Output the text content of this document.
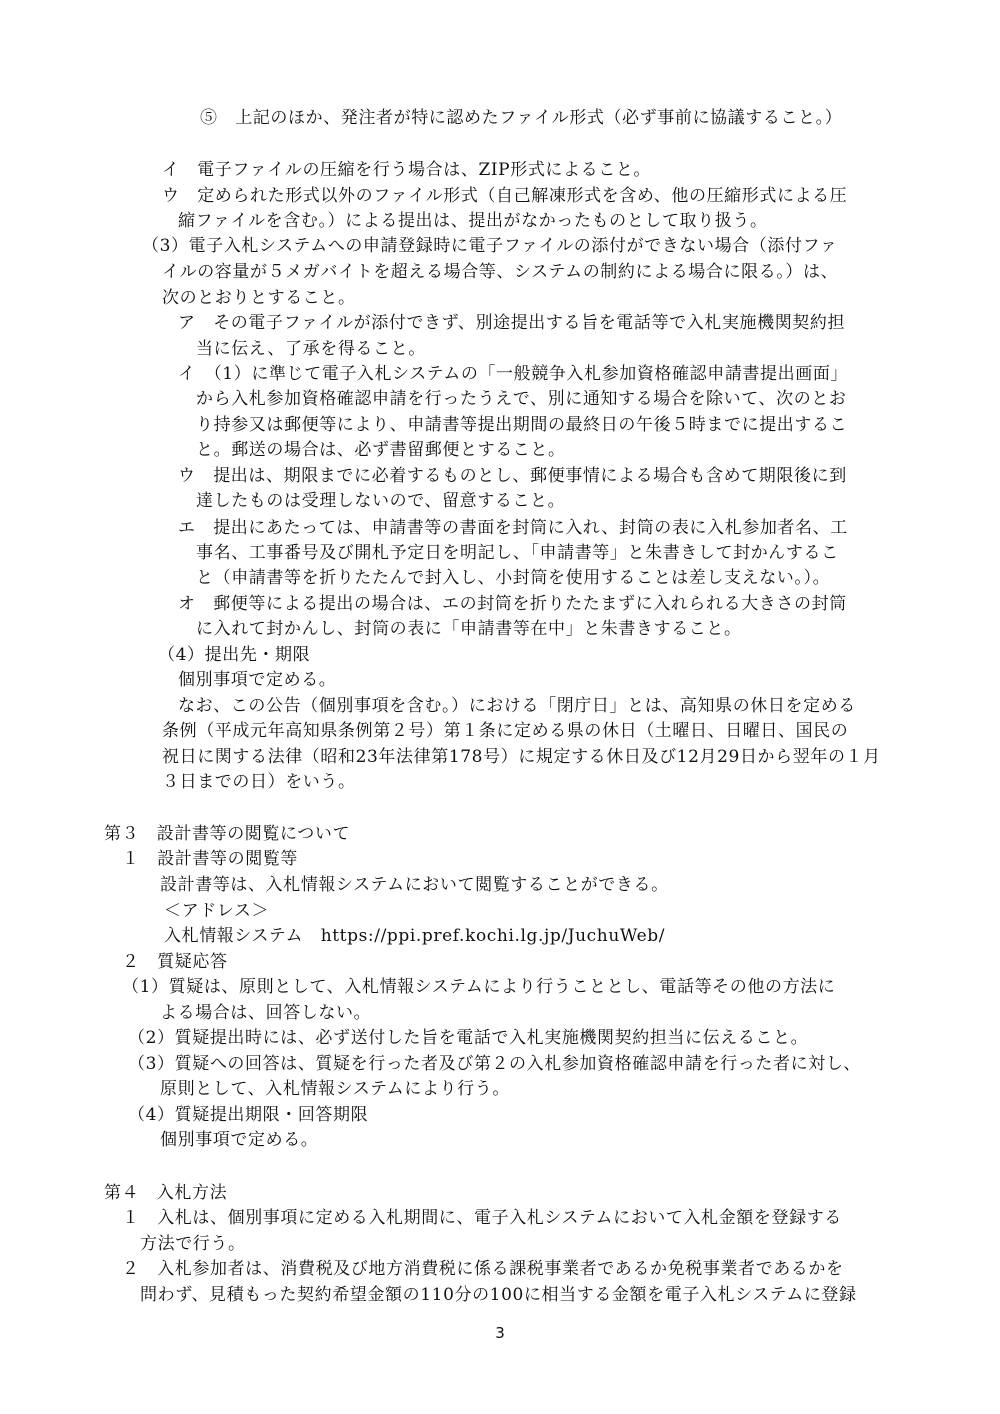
⑤　上記のほか、発注者が特に認めたファイル形式（必ず事前に協議すること。）
イ　電子ファイルの圧縮を行う場合は、ZIP形式によること。
ウ　定められた形式以外のファイル形式（自己解凍形式を含め、他の圧縮形式による圧
縮ファイルを含む。）による提出は、提出がなかったものとして取り扱う。
（3）電子入札システムへの申請登録時に電子ファイルの添付ができない場合（添付ファ
イルの容量が５メガバイトを超える場合等、システムの制約による場合に限る。）は、
次のとおりとすること。
ア　その電子ファイルが添付できず、別途提出する旨を電話等で入札実施機関契約担
当に伝え、了承を得ること。
イ　（1）に準じて電子入札システムの「一般競争入札参加資格確認申請書提出画面」
から入札参加資格確認申請を行ったうえで、別に通知する場合を除いて、次のとお
り持参又は郵便等により、申請書等提出期間の最終日の午後５時までに提出するこ
と。郵送の場合は、必ず書留郵便とすること。
ウ　提出は、期限までに必着するものとし、郵便事情による場合も含めて期限後に到
達したものは受理しないので、留意すること。
エ　提出にあたっては、申請書等の書面を封筒に入れ、封筒の表に入札参加者名、工
事名、工事番号及び開札予定日を明記し、「申請書等」と朱書きして封かんするこ
と（申請書等を折りたたんで封入し、小封筒を使用することは差し支えない。）。
オ　郵便等による提出の場合は、エの封筒を折りたたまずに入れられる大きさの封筒
に入れて封かんし、封筒の表に「申請書等在中」と朱書きすること。
（4）提出先・期限
個別事項で定める。
なお、この公告（個別事項を含む。）における「閉庁日」とは、高知県の休日を定める
条例（平成元年高知県条例第２号）第１条に定める県の休日（土曜日、日曜日、国民の
祝日に関する法律（昭和23年法律第178号）に規定する休日及び12月29日から翌年の１月
３日までの日）をいう。
第３　設計書等の閲覧について
１　設計書等の閲覧等
設計書等は、入札情報システムにおいて閲覧することができる。
＜アドレス＞
入札情報システム　https://ppi.pref.kochi.lg.jp/JuchuWeb/
２　質疑応答
（1）質疑は、原則として、入札情報システムにより行うこととし、電話等その他の方法に
よる場合は、回答しない。
（2）質疑提出時には、必ず送付した旨を電話で入札実施機関契約担当に伝えること。
（3）質疑への回答は、質疑を行った者及び第２の入札参加資格確認申請を行った者に対し、
原則として、入札情報システムにより行う。
（4）質疑提出期限・回答期限
個別事項で定める。
第４　入札方法
１　入札は、個別事項に定める入札期間に、電子入札システムにおいて入札金額を登録する
方法で行う。
２　入札参加者は、消費税及び地方消費税に係る課税事業者であるか免税事業者であるかを
問わず、見積もった契約希望金額の110分の100に相当する金額を電子入札システムに登録
3
